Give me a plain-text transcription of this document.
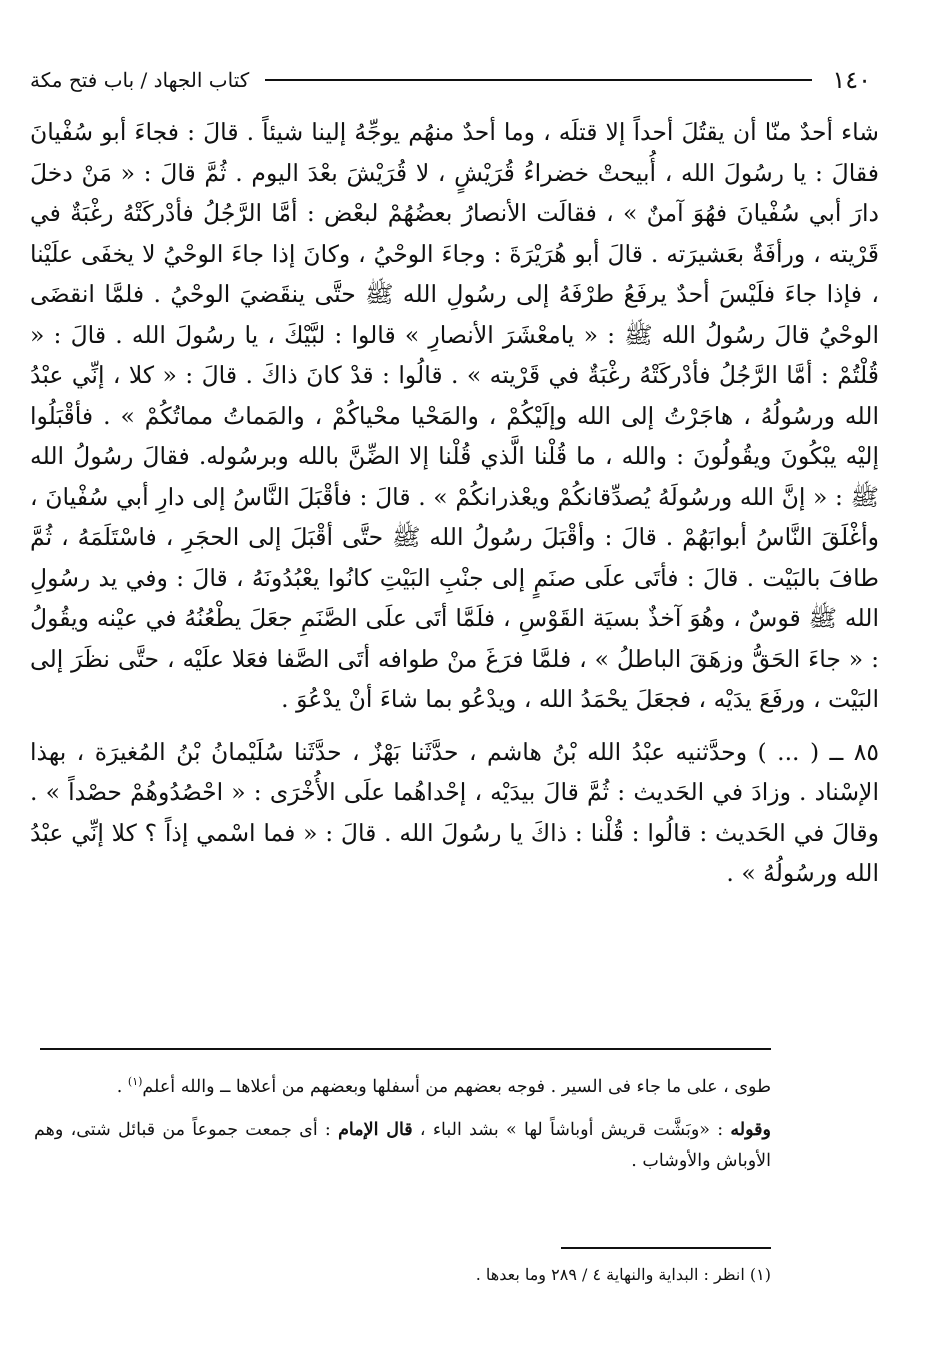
١٤٠
كتاب الجهاد / باب فتح مكة

شاء أحدٌ منّا أن يقتُلَ أحداً إلا قتلَه ، وما أحدٌ منهُم يوجِّهُ إلينا شيئاً . قالَ : فجاءَ أبو سُفْيانَ فقالَ : يا رسُولَ الله ، أُبيحتْ خضراءُ قُرَيْشٍ ، لا قُرَيْشَ بعْدَ اليوم . ثُمَّ قالَ : « مَنْ دخلَ دارَ أبي سُفْيانَ فهُوَ آمنٌ » ، فقالَت الأنصارُ بعضُهُمْ لبعْض : أمَّا الرَّجُلُ فأدْركَتْهُ رغْبَةٌ في قَرْيته ، ورأفَةٌ بعَشيرَته . قالَ أبو هُرَيْرَةَ : وجاءَ الوحْيُ ، وكانَ إذا جاءَ الوحْيُ لا يخفَى علَيْنا ، فإذا جاءَ فلَيْسَ أحدٌ يرفَعُ طرْفَهُ إلى رسُولِ الله ﷺ حتَّى ينقَضيَ الوحْيُ . فلمَّا انقضَى الوحْيُ قالَ رسُولُ الله ﷺ : « يامعْشَرَ الأنصارِ » قالوا : لبَّيْكَ ، يا رسُولَ الله . قالَ : « قُلْتُمْ : أمَّا الرَّجُلُ فأدْركَتْهُ رغْبَةٌ في قَرْيته » . قالُوا : قدْ كانَ ذاكَ . قالَ : « كلا ، إنِّي عبْدُ الله ورسُولُهُ ، هاجَرْتُ إلى الله وإلَيْكُمْ ، والمَحْيا محْياكُمْ ، والمَماتُ مماتُكُمْ » . فأقْبَلُوا إليْه يبْكُونَ ويقُولُونَ : والله ، ما قُلْنا الَّذي قُلْنا إلا الضِّنَّ بالله وبرسُوله. فقالَ رسُولُ الله ﷺ : « إنَّ الله ورسُولَهُ يُصدِّقانكُمْ ويعْذرانكُمْ » . قالَ : فأقْبَلَ النَّاسُ إلى دارِ أبي سُفْيانَ ، وأغْلَقَ النَّاسُ أبوابَهُمْ . قالَ : وأقْبَلَ رسُولُ الله ﷺ حتَّى أقْبَلَ إلى الحجَرِ ، فاسْتَلَمَهُ ، ثُمَّ طافَ بالبَيْت . قالَ : فأتَى علَى صنَمٍ إلى جنْبِ البَيْتِ كانُوا يعْبُدُونَهُ ، قالَ : وفي يد رسُولِ الله ﷺ قوسٌ ، وهُوَ آخذٌ بسيَة القَوْسِ ، فلَمَّا أتَى علَى الصَّنَمِ جعَلَ يطْعُنُهُ في عيْنه ويقُولُ : « جاءَ الحَقُّ وزهَقَ الباطلُ » ، فلمَّا فرَغَ منْ طوافه أتَى الصَّفا فعَلا علَيْه ، حتَّى نظَرَ إلى البَيْت ، ورفَعَ يدَيْه ، فجعَلَ يحْمَدُ الله ، ويدْعُو بما شاءَ أنْ يدْعُوَ .

٨٥ ــ ( ... ) وحدَّثنيه عبْدُ الله بْنُ هاشم ، حدَّثَنا بَهْزٌ ، حدَّثَنا سُلَيْمانُ بْنُ المُغيرَة ، بهذا الإسْناد . وزادَ في الحَديث : ثُمَّ قالَ بيدَيْه ، إحْداهُما علَى الأُخْرَى : « احْصُدُوهُمْ حصْداً » . وقالَ في الحَديث : قالُوا : قُلْنا : ذاكَ يا رسُولَ الله . قالَ : « فما اسْمي إذاً ؟ كلا إنِّي عبْدُ الله ورسُولُهُ » .

طوى ، على ما جاء فى السير . فوجه بعضهم من أسفلها وبعضهم من أعلاها ــ والله أعلم$^{(١)}$ .

وقوله : «وبَشَّت قريش أوباشاً لها » بشد الباء ، قال الإمام : أى جمعت جموعاً من قبائل شتى، وهم الأوباش والأوشاب .

(١) انظر : البداية والنهاية ٤ / ٢٨٩ وما بعدها .
